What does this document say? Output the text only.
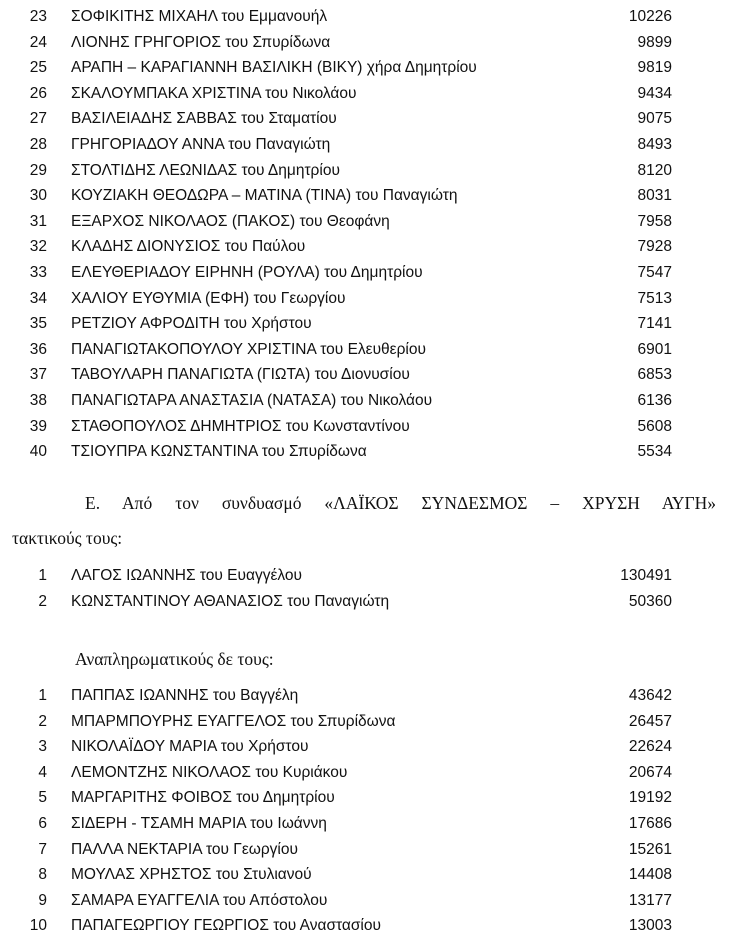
23 ΣΟΦΙΚΙΤΗΣ ΜΙΧΑΗΛ του Εμμανουήλ	10226
24 ΛΙΟΝΗΣ ΓΡΗΓΟΡΙΟΣ του Σπυρίδωνα	9899
25 ΑΡΑΠΗ – ΚΑΡΑΓΙΑΝΝΗ ΒΑΣΙΛΙΚΗ (ΒΙΚΥ) χήρα Δημητρίου	9819
26 ΣΚΑΛΟΥΜΠΑΚΑ ΧΡΙΣΤΙΝΑ του Νικολάου	9434
27 ΒΑΣΙΛΕΙΑΔΗΣ ΣΑΒΒΑΣ του Σταματίου	9075
28 ΓΡΗΓΟΡΙΑΔΟΥ ΑΝΝΑ του Παναγιώτη	8493
29 ΣΤΟΛΤΙΔΗΣ ΛΕΩΝΙΔΑΣ του Δημητρίου	8120
30 ΚΟΥΖΙΑΚΗ ΘΕΟΔΩΡΑ – ΜΑΤΙΝΑ (ΤΙΝΑ) του Παναγιώτη	8031
31 ΕΞΑΡΧΟΣ ΝΙΚΟΛΑΟΣ (ΠΑΚΟΣ) του Θεοφάνη	7958
32 ΚΛΑΔΗΣ ΔΙΟΝΥΣΙΟΣ του Παύλου	7928
33 ΕΛΕΥΘΕΡΙΑΔΟΥ ΕΙΡΗΝΗ (ΡΟΥΛΑ) του Δημητρίου	7547
34 ΧΑΛΙΟΥ ΕΥΘΥΜΙΑ (ΕΦΗ) του Γεωργίου	7513
35 ΡΕΤΖΙΟΥ ΑΦΡΟΔΙΤΗ του Χρήστου	7141
36 ΠΑΝΑΓΙΩΤΑΚΟΠΟΥΛΟΥ ΧΡΙΣΤΙΝΑ του Ελευθερίου	6901
37 ΤΑΒΟΥΛΑΡΗ ΠΑΝΑΓΙΩΤΑ (ΓΙΩΤΑ) του Διονυσίου	6853
38 ΠΑΝΑΓΙΩΤΑΡΑ ΑΝΑΣΤΑΣΙΑ (ΝΑΤΑΣΑ) του Νικολάου	6136
39 ΣΤΑΘΟΠΟΥΛΟΣ ΔΗΜΗΤΡΙΟΣ του Κωνσταντίνου	5608
40 ΤΣΙΟΥΠΡΑ ΚΩΝΣΤΑΝΤΙΝΑ του Σπυρίδωνα	5534
Ε. Από τον συνδυασμό «ΛΑΪΚΟΣ ΣΥΝΔΕΣΜΟΣ – ΧΡΥΣΗ ΑΥΓΗ»
τακτικούς τους:
1 ΛΑΓΟΣ ΙΩΑΝΝΗΣ του Ευαγγέλου	130491
2 ΚΩΝΣΤΑΝΤΙΝΟΥ ΑΘΑΝΑΣΙΟΣ του Παναγιώτη	50360
Αναπληρωματικούς δε τους:
1 ΠΑΠΠΑΣ ΙΩΑΝΝΗΣ του Βαγγέλη	43642
2 ΜΠΑΡΜΠΟΥΡΗΣ ΕΥΑΓΓΕΛΟΣ του Σπυρίδωνα	26457
3 ΝΙΚΟΛΑΪΔΟΥ ΜΑΡΙΑ του Χρήστου	22624
4 ΛΕΜΟΝΤΖΗΣ ΝΙΚΟΛΑΟΣ του Κυριάκου	20674
5 ΜΑΡΓΑΡΙΤΗΣ ΦΟΙΒΟΣ του Δημητρίου	19192
6 ΣΙΔΕΡΗ - ΤΣΑΜΗ ΜΑΡΙΑ του Ιωάννη	17686
7 ΠΑΛΛΑ ΝΕΚΤΑΡΙΑ του Γεωργίου	15261
8 ΜΟΥΛΑΣ ΧΡΗΣΤΟΣ του Στυλιανού	14408
9 ΣΑΜΑΡΑ ΕΥΑΓΓΕΛΙΑ του Απόστολου	13177
10 ΠΑΠΑΓΕΩΡΓΙΟΥ ΓΕΩΡΓΙΟΣ του Αναστασίου	13003
